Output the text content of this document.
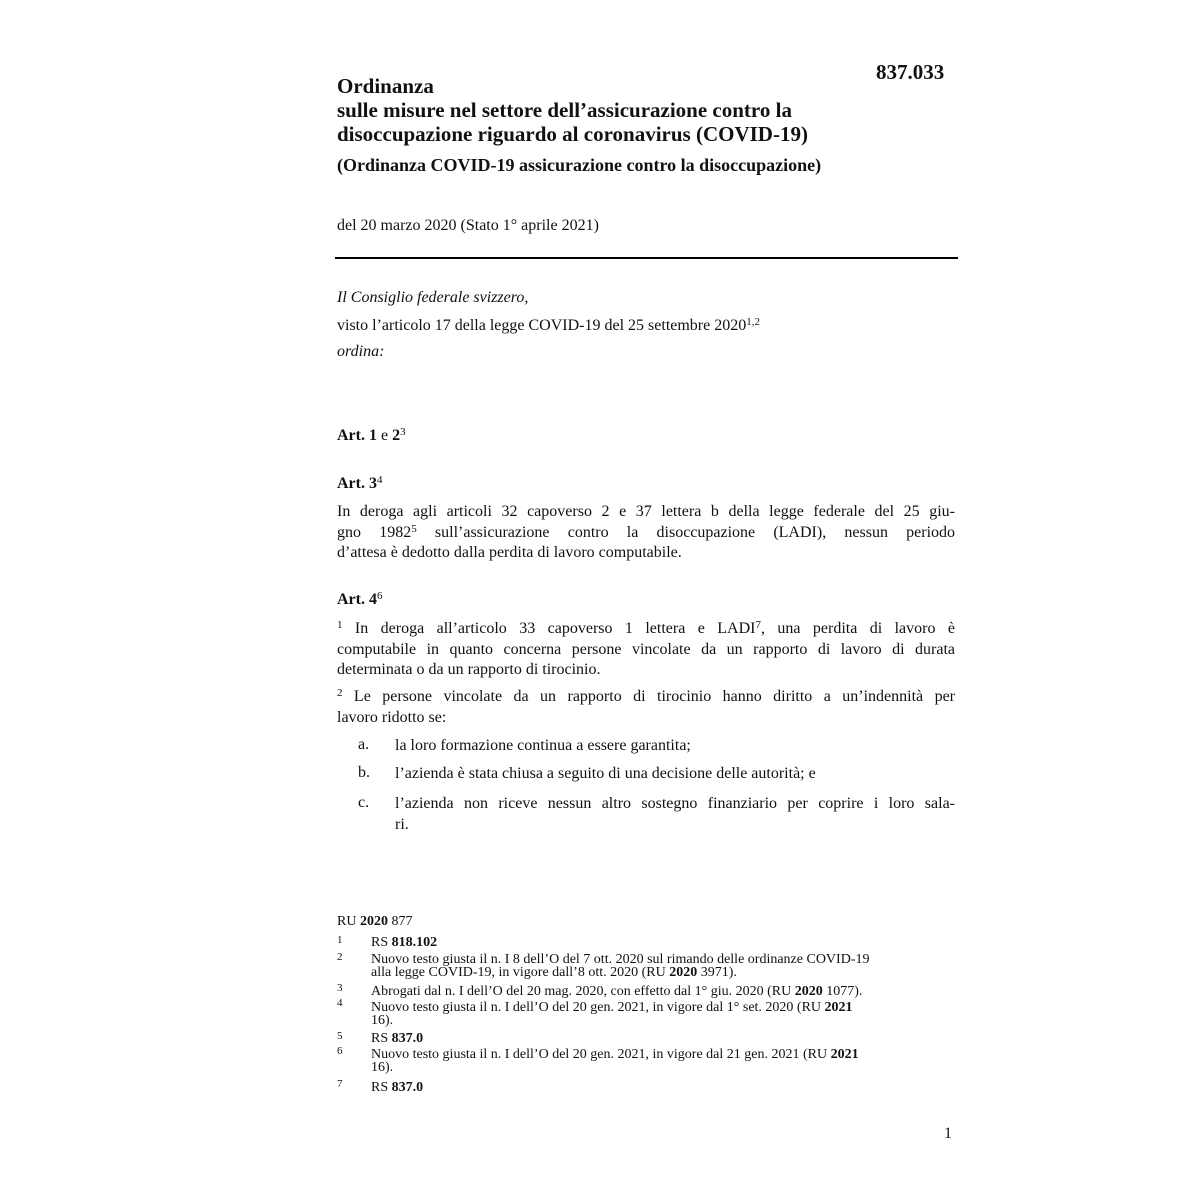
837.033
Ordinanza
sulle misure nel settore dell’assicurazione contro la
disoccupazione riguardo al coronavirus (COVID-19)
(Ordinanza COVID-19 assicurazione contro la disoccupazione)
del 20 marzo 2020 (Stato 1° aprile 2021)
Il Consiglio federale svizzero,
visto l’articolo 17 della legge COVID-19 del 25 settembre 2020$^{1,2}$
ordina:
Art. 1 e $2^3$
Art. $3^4$
In deroga agli articoli 32 capoverso 2 e 37 lettera b della legge federale del 25 giu-
gno 1982$^5$ sull’assicurazione contro la disoccupazione (LADI), nessun periodo
d’attesa è dedotto dalla perdita di lavoro computabile.
Art. $4^6$
$^1$ In deroga all’articolo 33 capoverso 1 lettera e LADI$^7$, una perdita di lavoro è
computabile in quanto concerna persone vincolate da un rapporto di lavoro di durata
determinata o da un rapporto di tirocinio.
$^2$ Le persone vincolate da un rapporto di tirocinio hanno diritto a un’indennità per
lavoro ridotto se:
a. la loro formazione continua a essere garantita;
b. l’azienda è stata chiusa a seguito di una decisione delle autorità; e
c. l’azienda non riceve nessun altro sostegno finanziario per coprire i loro sala-
ri.
RU 2020 877
1 RS 818.102
2 Nuovo testo giusta il n. I 8 dell’O del 7 ott. 2020 sul rimando delle ordinanze COVID-19
alla legge COVID-19, in vigore dall’8 ott. 2020 (RU 2020 3971).
3 Abrogati dal n. I dell’O del 20 mag. 2020, con effetto dal 1° giu. 2020 (RU 2020 1077).
4 Nuovo testo giusta il n. I dell’O del 20 gen. 2021, in vigore dal 1° set. 2020 (RU 2021
16).
5 RS 837.0
6 Nuovo testo giusta il n. I dell’O del 20 gen. 2021, in vigore dal 21 gen. 2021 (RU 2021
16).
7 RS 837.0
1
